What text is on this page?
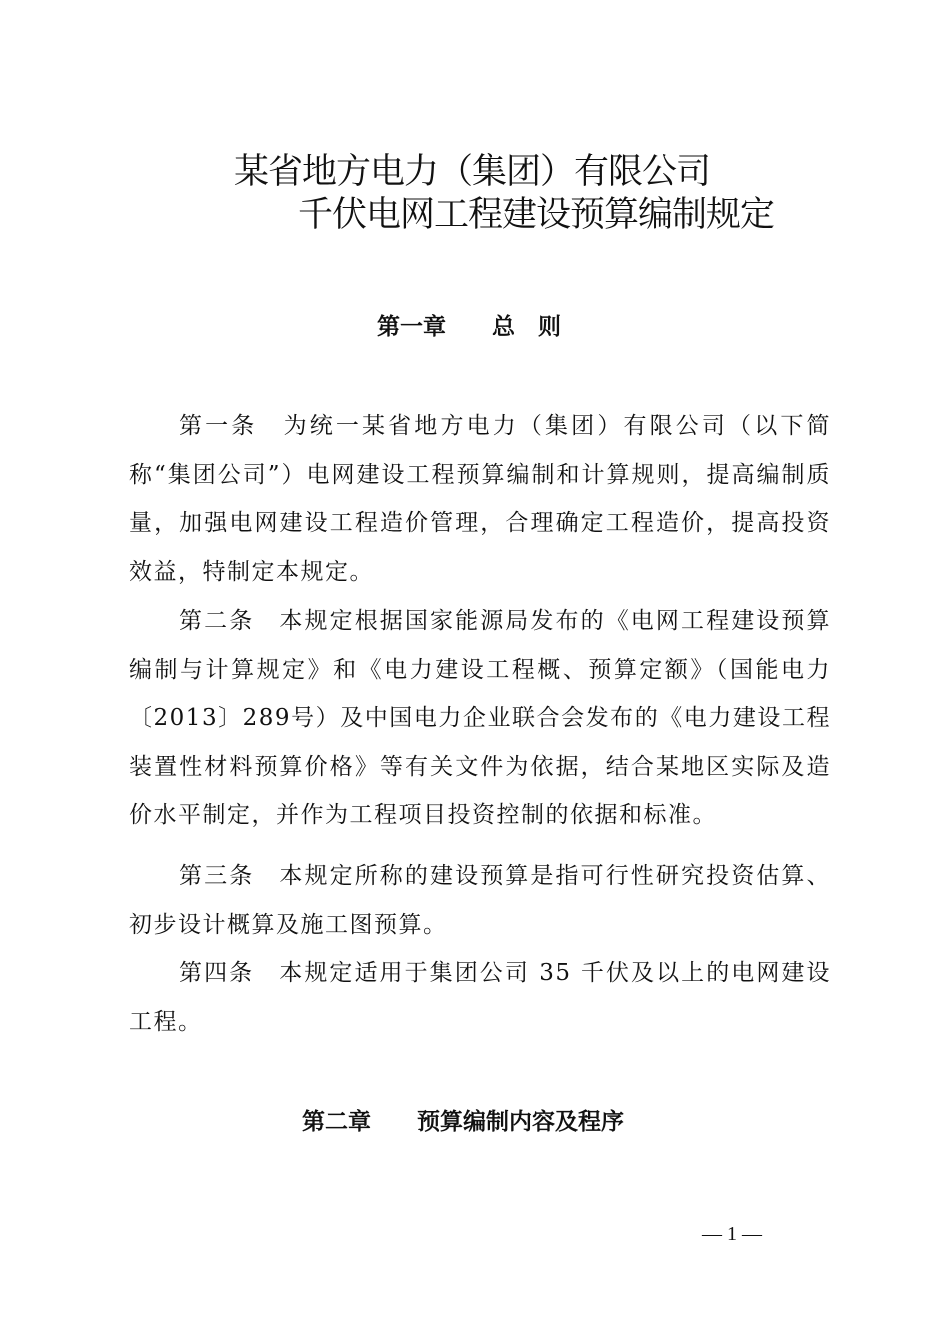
某省地方电力（集团）有限公司
千伏电网工程建设预算编制规定
第一章　　总　则

第一条　为统一某省地方电力（集团）有限公司（以下简称“集团公司”）电网建设工程预算编制和计算规则，提高编制质量，加强电网建设工程造价管理，合理确定工程造价，提高投资效益，特制定本规定。

第二条　本规定根据国家能源局发布的《电网工程建设预算编制与计算规定》和《电力建设工程概、预算定额》（国能电力〔2013〕289号）及中国电力企业联合会发布的《电力建设工程装置性材料预算价格》等有关文件为依据，结合某地区实际及造价水平制定，并作为工程项目投资控制的依据和标准。

第三条　本规定所称的建设预算是指可行性研究投资估算、初步设计概算及施工图预算。

第四条　本规定适用于集团公司 35 千伏及以上的电网建设工程。

第二章　　预算编制内容及程序
— 1 —
